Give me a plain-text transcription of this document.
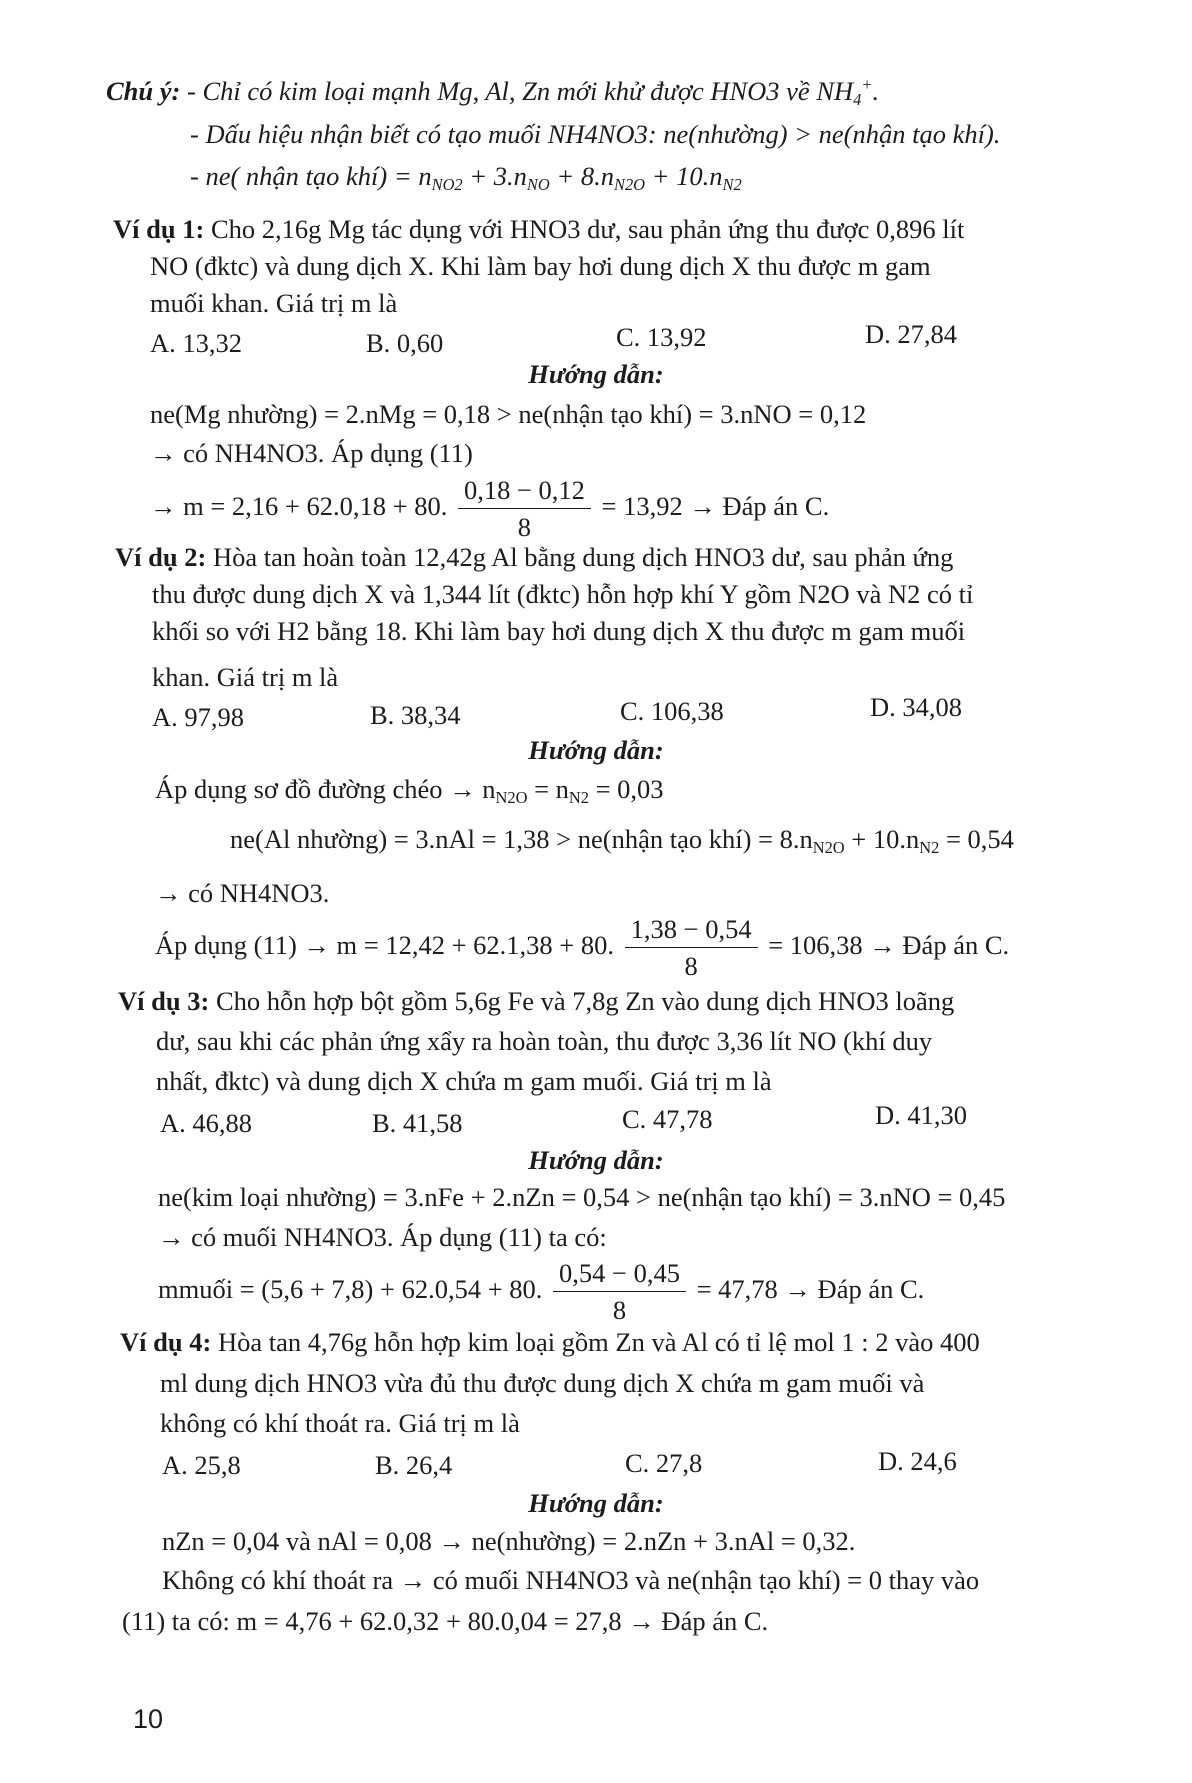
Chú ý: - Chỉ có kim loại mạnh Mg, Al, Zn mới khử được HNO3 về $NH_4^+$.
- Dấu hiệu nhận biết có tạo muối NH4NO3: ne(nhường) > ne(nhận tạo khí).
- ne( nhận tạo khí) = $n_{NO2} + 3.n_{NO} + 8.n_{N2O} + 10.n_{N2}$
Ví dụ 1: Cho 2,16g Mg tác dụng với HNO3 dư, sau phản ứng thu được 0,896 lít
NO (đktc) và dung dịch X. Khi làm bay hơi dung dịch X thu được m gam
muối khan. Giá trị m là
A. 13,32	B. 0,60	C. 13,92	D. 27,84
Hướng dẫn:
ne(Mg nhường) = 2.nMg = 0,18 > ne(nhận tạo khí) = 3.nNO = 0,12
→ có NH4NO3. Áp dụng (11)
→ m = 2,16 + 62.0,18 + 80. $\frac{0,18 - 0,12}{8} = 13,92$ → Đáp án C.
Ví dụ 2: Hòa tan hoàn toàn 12,42g Al bằng dung dịch HNO3 dư, sau phản ứng
thu được dung dịch X và 1,344 lít (đktc) hỗn hợp khí Y gồm N2O và N2 có tỉ
khối so với H2 bằng 18. Khi làm bay hơi dung dịch X thu được m gam muối
khan. Giá trị m là
A. 97,98	B. 38,34	C. 106,38	D. 34,08
Hướng dẫn:
Áp dụng sơ đồ đường chéo → $n_{N2O} = n_{N2} = 0,03$
ne(Al nhường) = 3.nAl = 1,38 > ne(nhận tạo khí) = $8.n_{N2O} + 10.n_{N2} = 0,54$
→ có NH4NO3.
Áp dụng (11) → m = 12,42 + 62.1,38 + 80. $\frac{1,38 - 0,54}{8} = 106,38$ → Đáp án C.
Ví dụ 3: Cho hỗn hợp bột gồm 5,6g Fe và 7,8g Zn vào dung dịch HNO3 loãng
dư, sau khi các phản ứng xẩy ra hoàn toàn, thu được 3,36 lít NO (khí duy
nhất, đktc) và dung dịch X chứa m gam muối. Giá trị m là
A. 46,88	B. 41,58	C. 47,78	D. 41,30
Hướng dẫn:
ne(kim loại nhường) = 3.nFe + 2.nZn = 0,54 > ne(nhận tạo khí) = 3.nNO = 0,45
→ có muối NH4NO3. Áp dụng (11) ta có:
mmuối = (5,6 + 7,8) + 62.0,54 + 80. $\frac{0,54 - 0,45}{8} = 47,78$ → Đáp án C.
Ví dụ 4: Hòa tan 4,76g hỗn hợp kim loại gồm Zn và Al có tỉ lệ mol 1 : 2 vào 400
ml dung dịch HNO3 vừa đủ thu được dung dịch X chứa m gam muối và
không có khí thoát ra. Giá trị m là
A. 25,8	B. 26,4	C. 27,8	D. 24,6
Hướng dẫn:
nZn = 0,04 và nAl = 0,08 → ne(nhường) = 2.nZn + 3.nAl = 0,32.
Không có khí thoát ra → có muối NH4NO3 và ne(nhận tạo khí) = 0 thay vào
(11) ta có: m = 4,76 + 62.0,32 + 80.0,04 = 27,8 → Đáp án C.
10
